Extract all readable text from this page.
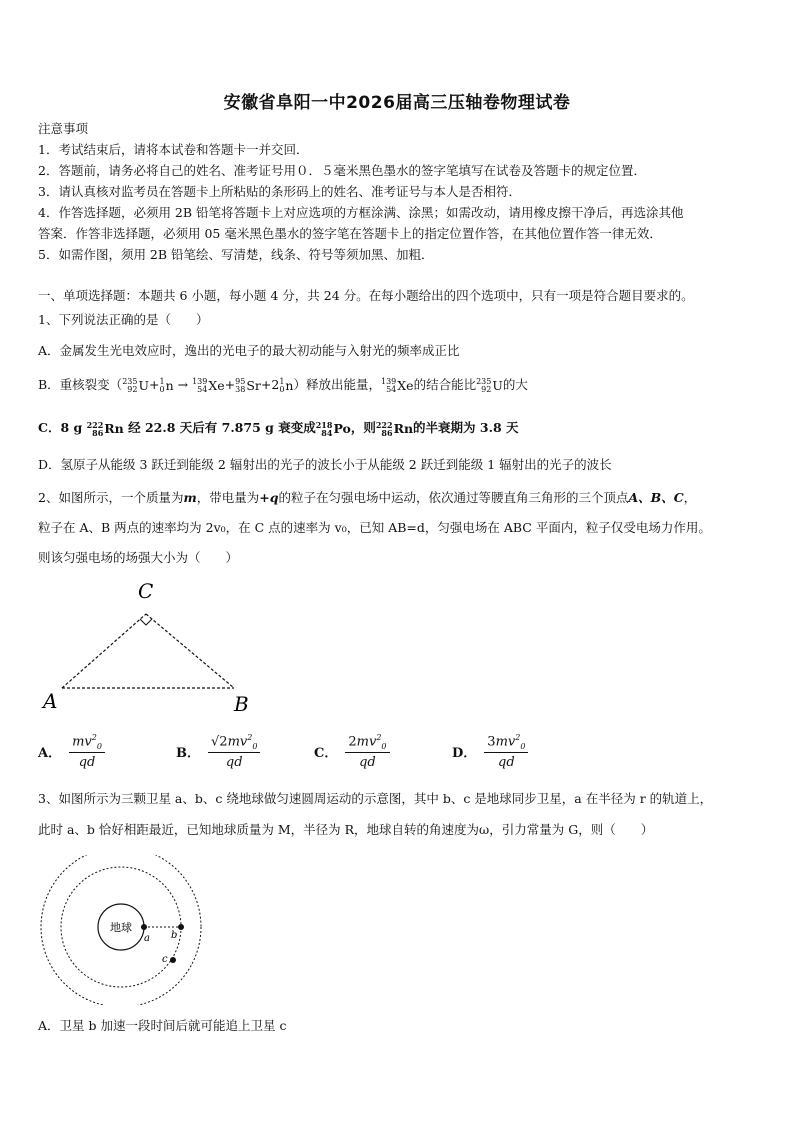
安徽省阜阳一中2026届高三压轴卷物理试卷
注意事项
1．考试结束后，请将本试卷和答题卡一并交回．
2．答题前，请务必将自己的姓名、准考证号用０．５毫米黑色墨水的签字笔填写在试卷及答题卡的规定位置．
3．请认真核对监考员在答题卡上所粘贴的条形码上的姓名、准考证号与本人是否相符．
4．作答选择题，必须用 2B 铅笔将答题卡上对应选项的方框涂满、涂黑；如需改动，请用橡皮擦干净后，再选涂其他
答案．作答非选择题，必须用 05 毫米黑色墨水的签字笔在答题卡上的指定位置作答，在其他位置作答一律无效．
5．如需作图，须用 2B 铅笔绘、写清楚，线条、符号等须加黑、加粗．
一、单项选择题：本题共 6 小题，每小题 4 分，共 24 分。在每小题给出的四个选项中，只有一项是符合题目要求的。
1、下列说法正确的是（　　）
A．金属发生光电效应时，逸出的光电子的最大初动能与入射光的频率成正比
B．重核裂变（ 235
92 U + 1
0 n → 139
54 Xe + 95
38 Sr +2 1
0 n ）释放出能量， 139
54 Xe 的结合能比 235
92 U 的大
C．8 g 222
86 Rn 经 22.8 天后有 7.875 g 衰变成 218
84 Po ，则 222
86 Rn 的半衰期为 3.8 天
D．氢原子从能级 3 跃迁到能级 2 辐射出的光子的波长小于从能级 2 跃迁到能级 1 辐射出的光子的波长
2、如图所示，一个质量为m，带电量为+q的粒子在匀强电场中运动，依次通过等腰直角三角形的三个顶点A、B、C，
粒子在 A、B 两点的速率均为 2v₀，在 C 点的速率为 v₀，已知 AB=d，匀强电场在 ABC 平面内，粒子仅受电场力作用。
则该匀强电场的场强大小为（　　）
C
A	B
A． $\frac{mv^2_0}{qd}$	B． $\frac{√2mv^2_0}{qd}$	C． $\frac{2mv^2_0}{qd}$	D． $\frac{3mv^2_0}{qd}$
3、如图所示为三颗卫星 a、b、c 绕地球做匀速圆周运动的示意图，其中 b、c 是地球同步卫星，a 在半径为 r 的轨道上，
此时 a、b 恰好相距最近，已知地球质量为 M，半径为 R，地球自转的角速度为ω，引力常量为 G，则（　　）
地球
a b
c
A．卫星 b 加速一段时间后就可能追上卫星 c
